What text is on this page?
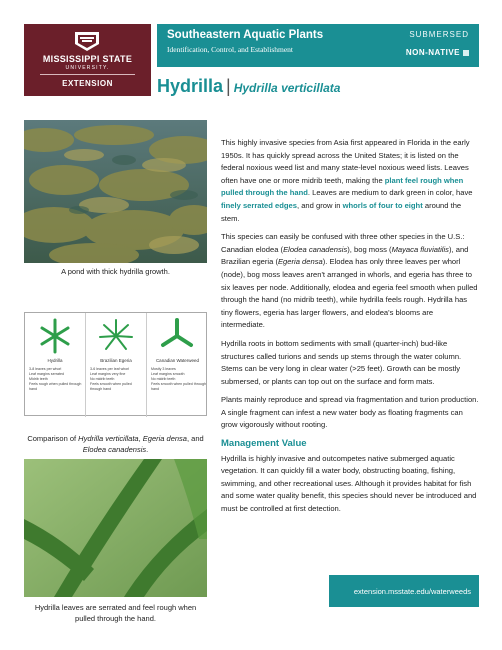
MISSISSIPPI STATE
UNIVERSITY.
EXTENSION
Southeastern Aquatic Plants
Identification, Control, and Establishment
SUBMERSED
NON-NATIVE
Hydrilla | Hydrilla verticillata
A pond with thick hydrilla growth.
Hydrilla
3-8 leaves per whorl
Leaf margins serrated
Midrib teeth
Feels rough when pulled through hand
Brazilian Egeria
3-6 leaves per leaf whorl
Leaf margins very fine
No midrib teeth
Feels smooth when pulled through hand
Canadian Waterweed
Mostly 3 leaves
Leaf margins smooth
No midrib teeth
Feels smooth when pulled through hand
Comparison of Hydrilla verticillata, Egeria densa, and Elodea canadensis.
Hydrilla leaves are serrated and feel rough when pulled through the hand.

This highly invasive species from Asia first appeared in Florida in the early 1950s. It has quickly spread across the United States; it is listed on the federal noxious weed list and many state-level noxious weed lists. Leaves often have one or more midrib teeth, making the plant feel rough when pulled through the hand. Leaves are medium to dark green in color, have finely serrated edges, and grow in whorls of four to eight around the stem.

This species can easily be confused with three other species in the U.S.: Canadian elodea (Elodea canadensis), bog moss (Mayaca fluviatilis), and Brazilian egeria (Egeria densa). Elodea has only three leaves per whorl (node), bog moss leaves aren't arranged in whorls, and egeria has three to six leaves per node. Additionally, elodea and egeria feel smooth when pulled through the hand (no midrib teeth), while hydrilla feels rough. Hydrilla has tiny flowers, egeria has larger flowers, and elodea's blooms are intermediate.

Hydrilla roots in bottom sediments with small (quarter-inch) bud-like structures called turions and sends up stems through the water column. Stems can be very long in clear water (>25 feet). Growth can be mostly submersed, or plants can top out on the surface and form mats.

Plants mainly reproduce and spread via fragmentation and turion production. A single fragment can infest a new water body as floating fragments can grow vigorously without rooting.

Management Value

Hydrilla is highly invasive and outcompetes native submerged aquatic vegetation. It can quickly fill a water body, obstructing boating, fishing, swimming, and other recreational uses. Although it provides habitat for fish and some water quality benefit, this species should never be introduced and must be controlled at first detection.

extension.msstate.edu/waterweeds
